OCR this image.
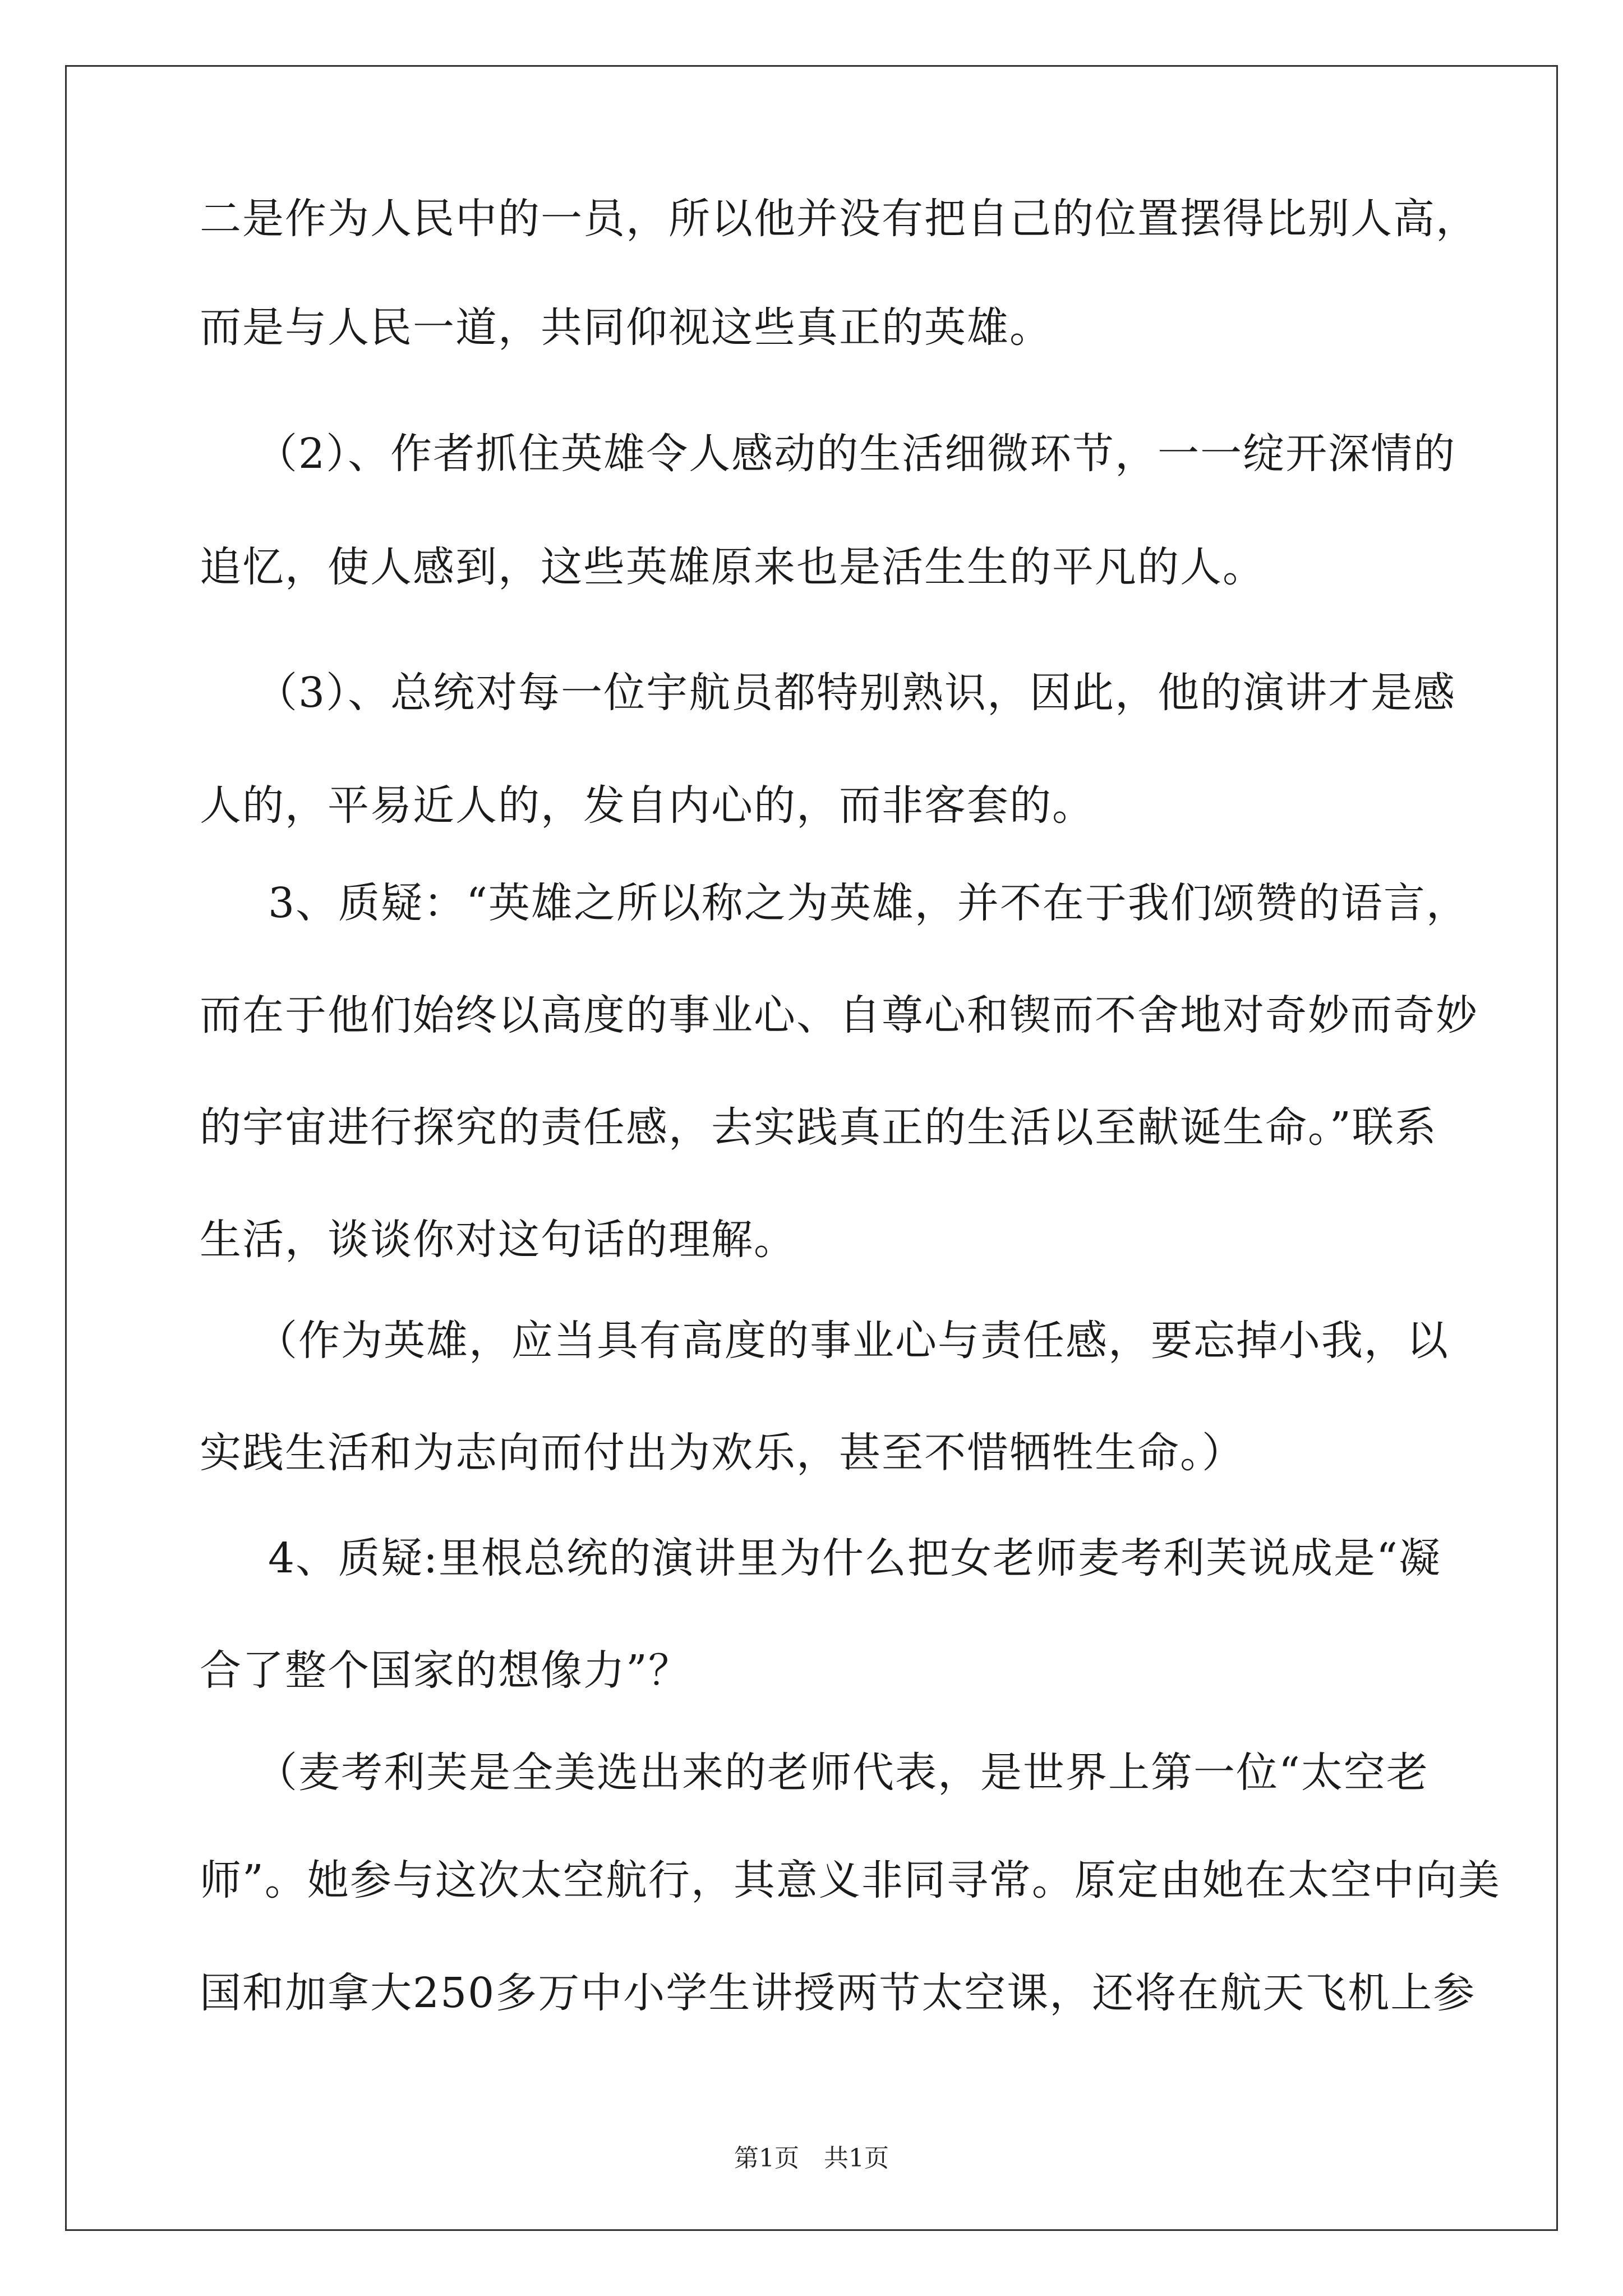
二是作为人民中的一员，所以他并没有把自己的位置摆得比别人高，
而是与人民一道，共同仰视这些真正的英雄。
（2）、作者抓住英雄令人感动的生活细微环节，一一绽开深情的
追忆，使人感到，这些英雄原来也是活生生的平凡的人。
（3）、总统对每一位宇航员都特别熟识，因此，他的演讲才是感
人的，平易近人的，发自内心的，而非客套的。
3、质疑：“英雄之所以称之为英雄，并不在于我们颂赞的语言，
而在于他们始终以高度的事业心、自尊心和锲而不舍地对奇妙而奇妙
的宇宙进行探究的责任感，去实践真正的生活以至献诞生命。”联系
生活，谈谈你对这句话的理解。
（作为英雄，应当具有高度的事业心与责任感，要忘掉小我，以
实践生活和为志向而付出为欢乐，甚至不惜牺牲生命。）
4、质疑:里根总统的演讲里为什么把女老师麦考利芙说成是“凝
合了整个国家的想像力”？
（麦考利芙是全美选出来的老师代表，是世界上第一位“太空老
师”。她参与这次太空航行，其意义非同寻常。原定由她在太空中向美
国和加拿大250多万中小学生讲授两节太空课，还将在航天飞机上参
第1页　共1页
